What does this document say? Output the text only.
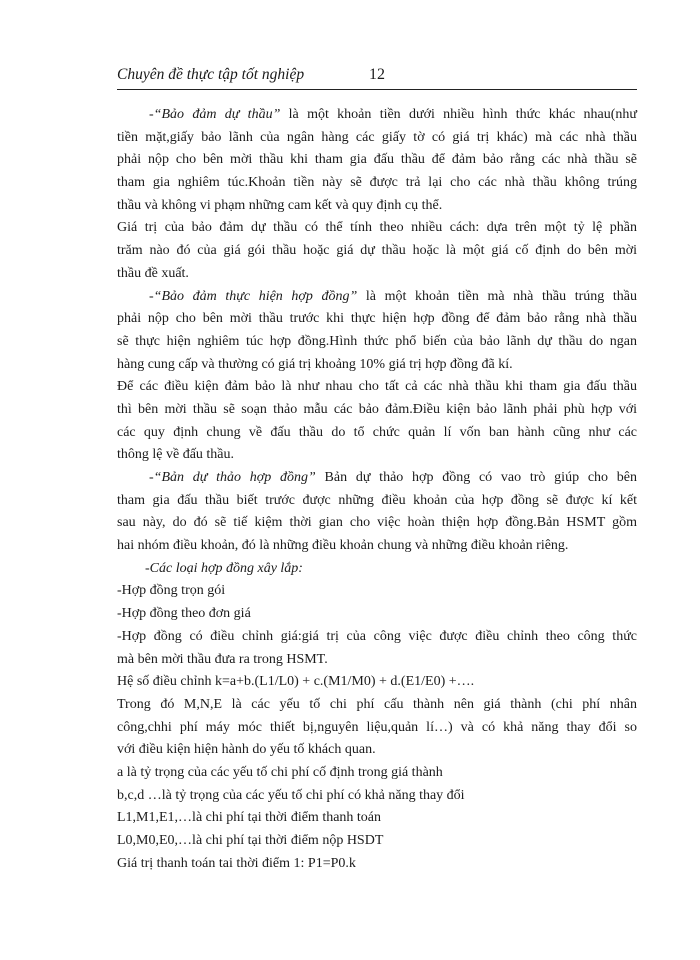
Chuyên đề thực tập tốt nghiệp	12
-“Bảo đảm dự thầu” là một khoản tiền dưới nhiều hình thức khác nhau(như
tiền mặt,giấy bảo lãnh của ngân hàng các giấy tờ có giá trị khác) mà các nhà thầu
phải nộp cho bên mời thầu khi tham gia đấu thầu để đảm bảo rằng các nhà thầu sẽ
tham gia nghiêm túc.Khoản tiền này sẽ được trả lại cho các nhà thầu không trúng
thầu và không vi phạm những cam kết và quy định cụ thể.
Giá trị của bảo đảm dự thầu có thể tính theo nhiều cách: dựa trên một tỷ lệ phần
trăm nào đó của giá gói thầu hoặc giá dự thầu hoặc là một giá cố định do bên mời
thầu đề xuất.
-“Bảo đảm thực hiện hợp đồng” là một khoản tiền mà nhà thầu trúng thầu
phải nộp cho bên mời thầu trước khi thực hiện hợp đồng để đảm bảo rằng nhà thầu
sẽ thực hiện nghiêm túc hợp đồng.Hình thức phổ biến của bảo lãnh dự thầu do ngan
hàng cung cấp và thường có giá trị khoảng 10% giá trị hợp đồng đã kí.
Để các điều kiện đảm bảo là như nhau cho tất cả các nhà thầu khi tham gia đấu thầu
thì bên mời thầu sẽ soạn thảo mẫu các bảo đảm.Điều kiện bảo lãnh phải phù hợp với
các quy định chung về đấu thầu do tổ chức quản lí vốn ban hành cũng như các
thông lệ về đấu thầu.
-“Bản dự thảo hợp đồng” Bản dự thảo hợp đồng có vao trò giúp cho bên
tham gia đấu thầu biết trước được những điều khoản của hợp đồng sẽ được kí kết
sau này, do đó sẽ tiế kiệm thời gian cho việc hoàn thiện hợp đồng.Bản HSMT gồm
hai nhóm điều khoản, đó là những điều khoản chung và những điều khoản riêng.
-Các loại hợp đồng xây lắp:
-Hợp đồng trọn gói
-Hợp đồng theo đơn giá
-Hợp đồng có điều chỉnh giá:giá trị của công việc được điều chỉnh theo công thức
mà bên mời thầu đưa ra trong HSMT.
Hệ số điều chỉnh k=a+b.(L1/L0) + c.(M1/M0) + d.(E1/E0) +….
Trong đó M,N,E là các yếu tố chi phí cấu thành nên giá thành (chi phí nhân
công,chhi phí máy móc thiết bị,nguyên liệu,quản lí…) và có khả năng thay đổi so
với điều kiện hiện hành do yếu tố khách quan.
a là tỷ trọng của các yếu tố chi phí cố định trong giá thành
b,c,d …là tỷ trọng của các yếu tố chi phí có khả năng thay đổi
L1,M1,E1,…là chi phí tại thời điểm thanh toán
L0,M0,E0,…là chi phí tại thời điểm nộp HSDT
Giá trị thanh toán tai thời điểm 1: P1=P0.k
